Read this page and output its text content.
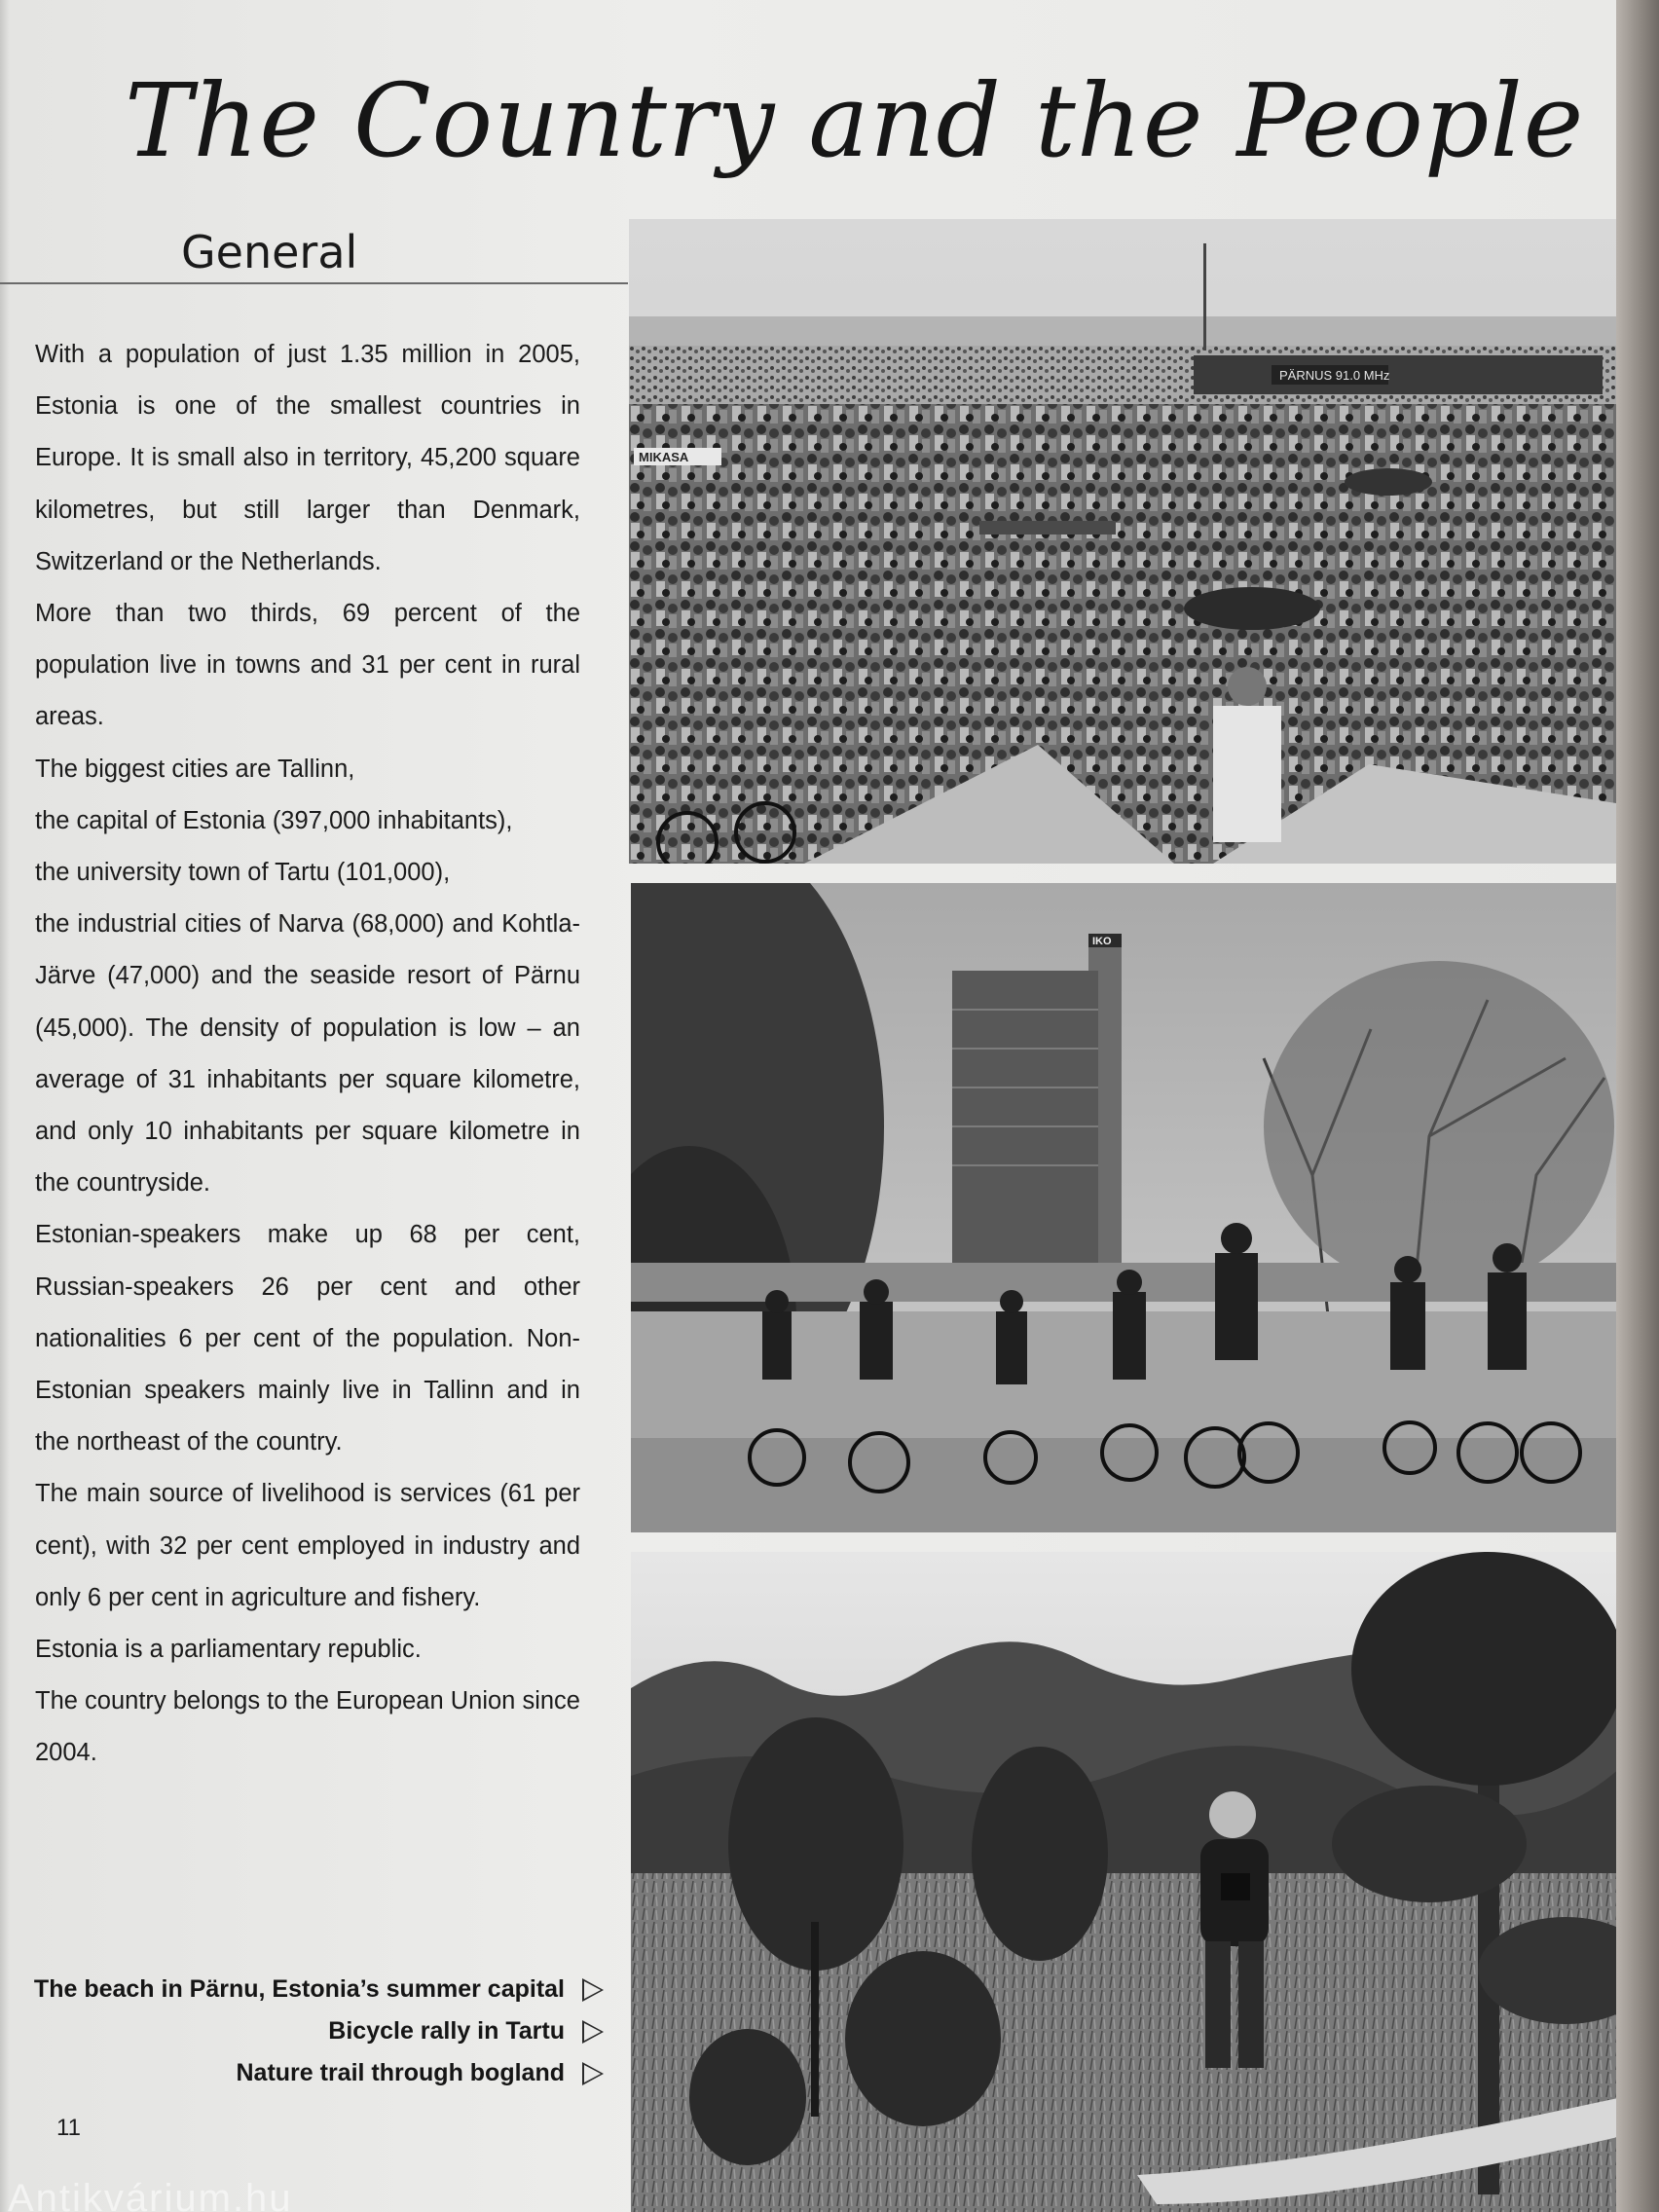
The Country and the People
General

With a population of just 1.35 million in 2005, Estonia is one of the smallest countries in Europe. It is small also in territory, 45,200 square kilometres, but still larger than Denmark, Switzerland or the Netherlands.

More than two thirds, 69 percent of the population live in towns and 31 per cent in rural areas.

The biggest cities are Tallinn,

the capital of Estonia (397,000 inhabitants),

the university town of Tartu (101,000),

the industrial cities of Narva (68,000) and Kohtla-Järve (47,000) and the seaside resort of Pärnu (45,000). The density of population is low – an average of 31 inhabitants per square kilometre, and only 10 inhabitants per square kilometre in the countryside.

Estonian-speakers make up 68 per cent, Russian-speakers 26 per cent and other nationalities 6 per cent of the population. Non-Estonian speakers mainly live in Tallinn and in the northeast of the country.

The main source of livelihood is services (61 per cent), with 32 per cent employed in industry and only 6 per cent in agriculture and fishery.

Estonia is a parliamentary republic.

The country belongs to the European Union since 2004.

The beach in Pärnu, Estonia’s summer capital
Bicycle rally in Tartu
Nature trail through bogland
11
PÄRNUS 91.0 MHz
MIKASA
IKO
Antikvárium.hu
